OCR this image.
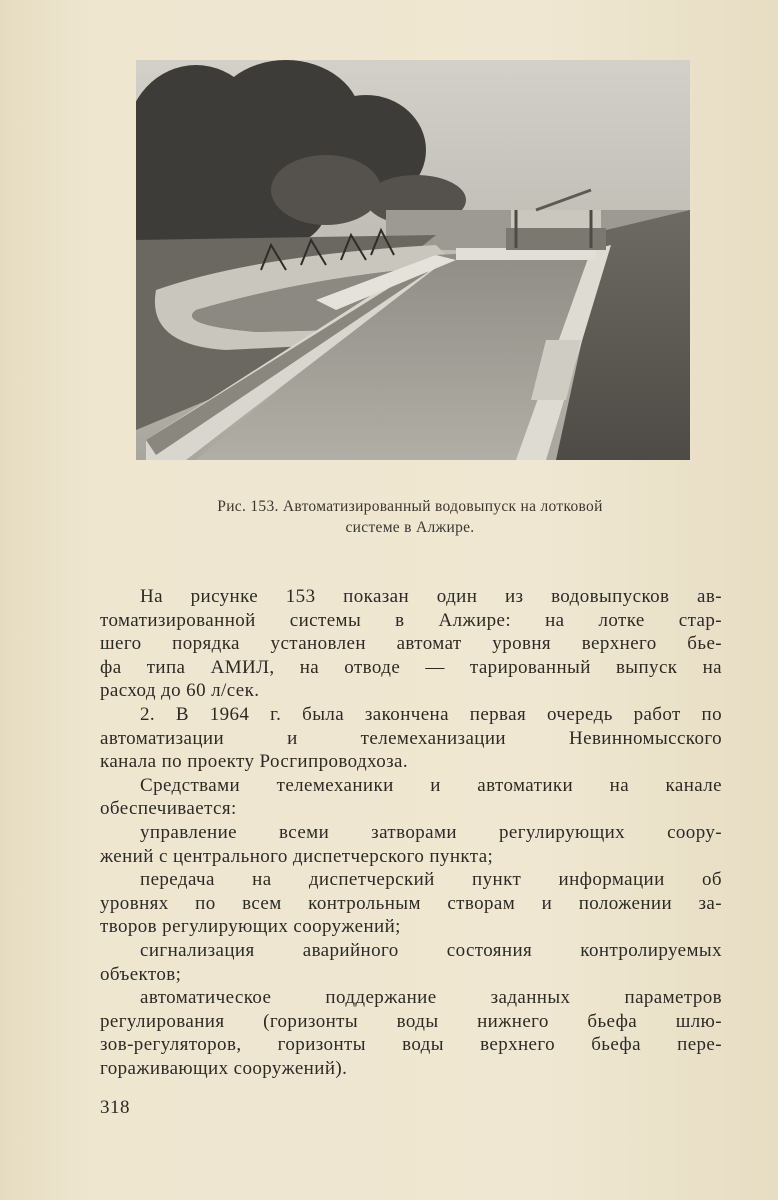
Рис. 153. Автоматизированный водовыпуск на лотковой
системе в Алжире.
На рисунке 153 показан один из водовыпусков ав-
томатизированной системы в Алжире: на лотке стар-
шего порядка установлен автомат уровня верхнего бье-
фа типа АМИЛ, на отводе — тарированный выпуск на
расход до 60 л/сек.
2. В 1964 г. была закончена первая очередь работ по
автоматизации и телемеханизации Невинномысского
канала по проекту Росгипроводхоза.
Средствами телемеханики и автоматики на канале
обеспечивается:
управление всеми затворами регулирующих соору-
жений с центрального диспетчерского пункта;
передача на диспетчерский пункт информации об
уровнях по всем контрольным створам и положении за-
творов регулирующих сооружений;
сигнализация аварийного состояния контролируемых
объектов;
автоматическое поддержание заданных параметров
регулирования (горизонты воды нижнего бьефа шлю-
зов-регуляторов, горизонты воды верхнего бьефа пере-
гораживающих сооружений).
318
